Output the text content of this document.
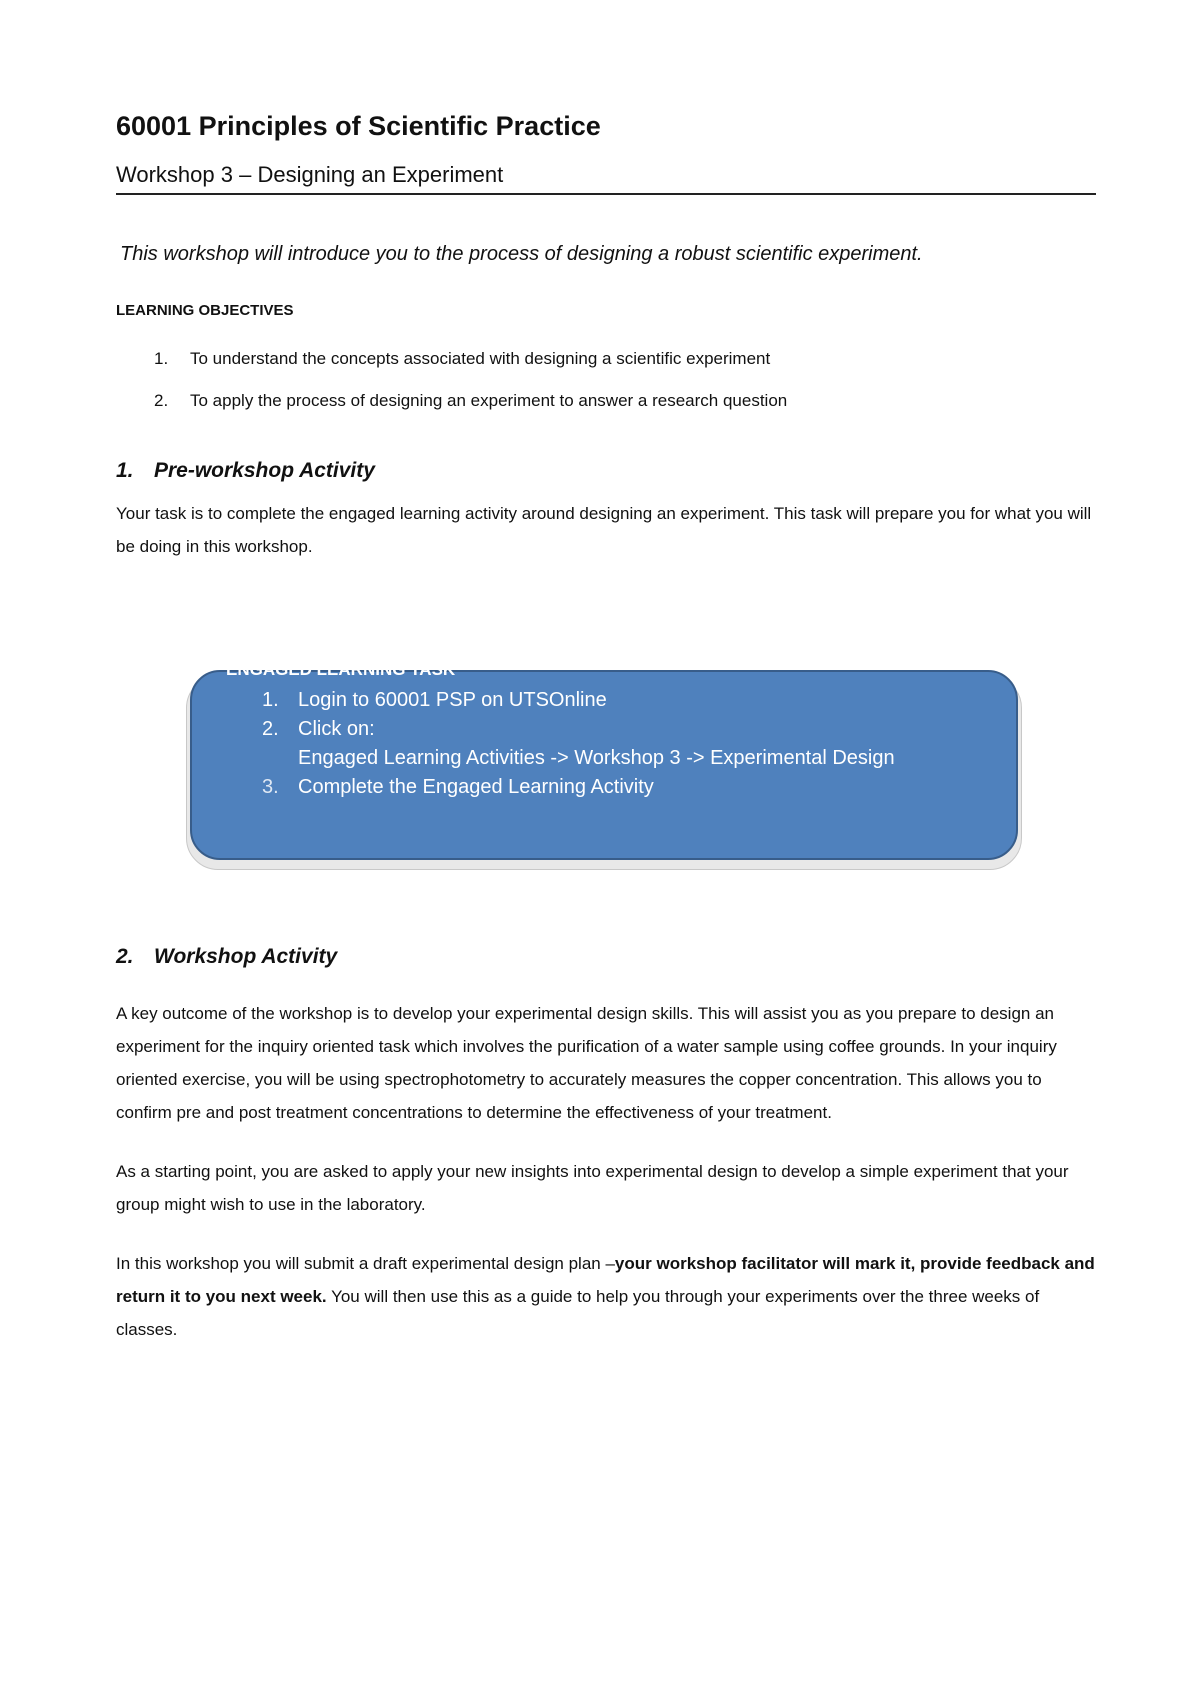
60001 Principles of Scientific Practice
Workshop 3 – Designing an Experiment
This workshop will introduce you to the process of designing a robust scientific experiment.
LEARNING OBJECTIVES
1.	To understand the concepts associated with designing a scientific experiment
2.	To apply the process of designing an experiment to answer a research question
1. Pre-workshop Activity

Your task is to complete the engaged learning activity around designing an experiment. This task will prepare you for what you will be doing in this workshop.

ENGAGED LEARNING TASK
1. Login to 60001 PSP on UTSOnline
2. Click on:
Engaged Learning Activities -> Workshop 3 -> Experimental Design
3. Complete the Engaged Learning Activity
2. Workshop Activity

A key outcome of the workshop is to develop your experimental design skills. This will assist you as you prepare to design an experiment for the inquiry oriented task which involves the purification of a water sample using coffee grounds. In your inquiry oriented exercise, you will be using spectrophotometry to accurately measures the copper concentration. This allows you to confirm pre and post treatment concentrations to determine the effectiveness of your treatment.

As a starting point, you are asked to apply your new insights into experimental design to develop a simple experiment that your group might wish to use in the laboratory.

In this workshop you will submit a draft experimental design plan –your workshop facilitator will mark it, provide feedback and return it to you next week. You will then use this as a guide to help you through your experiments over the three weeks of classes.
